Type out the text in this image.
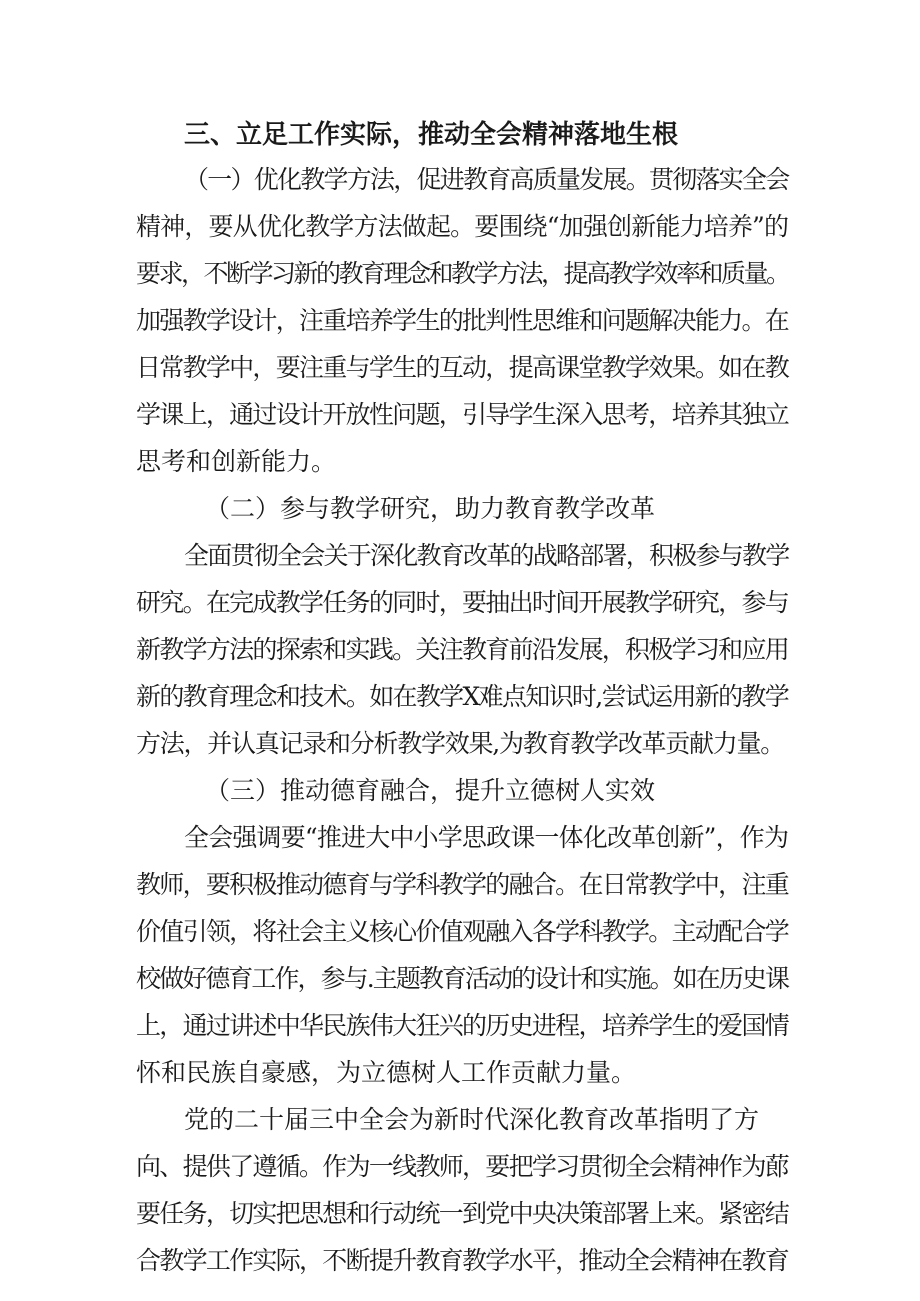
三、立足工作实际，推动全会精神落地生根
（一）优化教学方法，促进教育高质量发展。贯彻落实全会
精神，要从优化教学方法做起。要围绕“加强创新能力培养”的
要求，不断学习新的教育理念和教学方法，提高教学效率和质量。
加强教学设计，注重培养学生的批判性思维和问题解决能力。在
日常教学中，要注重与学生的互动，提高课堂教学效果。如在教
学课上，通过设计开放性问题，引导学生深入思考，培养其独立
思考和创新能力。
（二）参与教学研究，助力教育教学改革
全面贯彻全会关于深化教育改革的战略部署，积极参与教学
研究。在完成教学任务的同时，要抽出时间开展教学研究，参与
新教学方法的探索和实践。关注教育前沿发展，积极学习和应用
新的教育理念和技术。如在教学X难点知识时,尝试运用新的教学
方法，并认真记录和分析教学效果,为教育教学改革贡献力量。
（三）推动德育融合，提升立德树人实效
全会强调要“推进大中小学思政课一体化改革创新”，作为
教师，要积极推动德育与学科教学的融合。在日常教学中，注重
价值引领，将社会主义核心价值观融入各学科教学。主动配合学
校做好德育工作，参与.主题教育活动的设计和实施。如在历史课
上，通过讲述中华民族伟大狂兴的历史进程，培养学生的爱国情
怀和民族自豪感，为立德树人工作贡献力量。
党的二十届三中全会为新时代深化教育改革指明了方
向、提供了遵循。作为一线教师，要把学习贯彻全会精神作为蓈
要任务，切实把思想和行动统一到党中央决策部署上来。紧密结
合教学工作实际，不断提升教育教学水平，推动全会精神在教育
